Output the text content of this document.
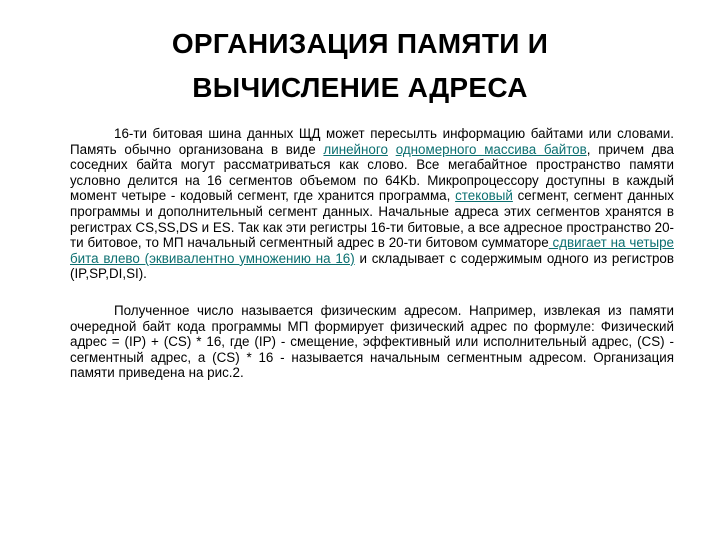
ОРГАНИЗАЦИЯ ПАМЯТИ И
ВЫЧИСЛЕНИЕ АДРЕСА

16-ти битовая шина данных ЩД может пересылть информацию байтами или словами. Память обычно организована в виде линейного одномерного массива байтов, причем два соседних байта могут рассматриваться как слово. Все мегабайтное пространство памяти условно делится на 16 сегментов объемом по 64Kb. Микропроцессору доступны в каждый момент четыре - кодовый сегмент, где хранится программа, стековый сегмент, сегмент данных программы и дополнительный сегмент данных. Начальные адреса этих сегментов хранятся в регистрах CS,SS,DS и ES. Так как эти регистры 16-ти битовые, а все адресное пространство 20-ти битовое, то МП начальный сегментный адрес в 20-ти битовом сумматоре сдвигает на четыре бита влево (эквивалентно умножению на 16) и складывает с содержимым одного из регистров (IP,SP,DI,SI).

Полученное число называется физическим адресом. Например, извлекая из памяти очередной байт кода программы МП формирует физический адрес по формуле: Физический адрес = (IP) + (CS) * 16, где (IP) - смещение, эффективный или исполнительный адрес, (CS) - сегментный адрес, а (CS) * 16 - называется начальным сегментным адресом. Организация памяти приведена на рис.2.
